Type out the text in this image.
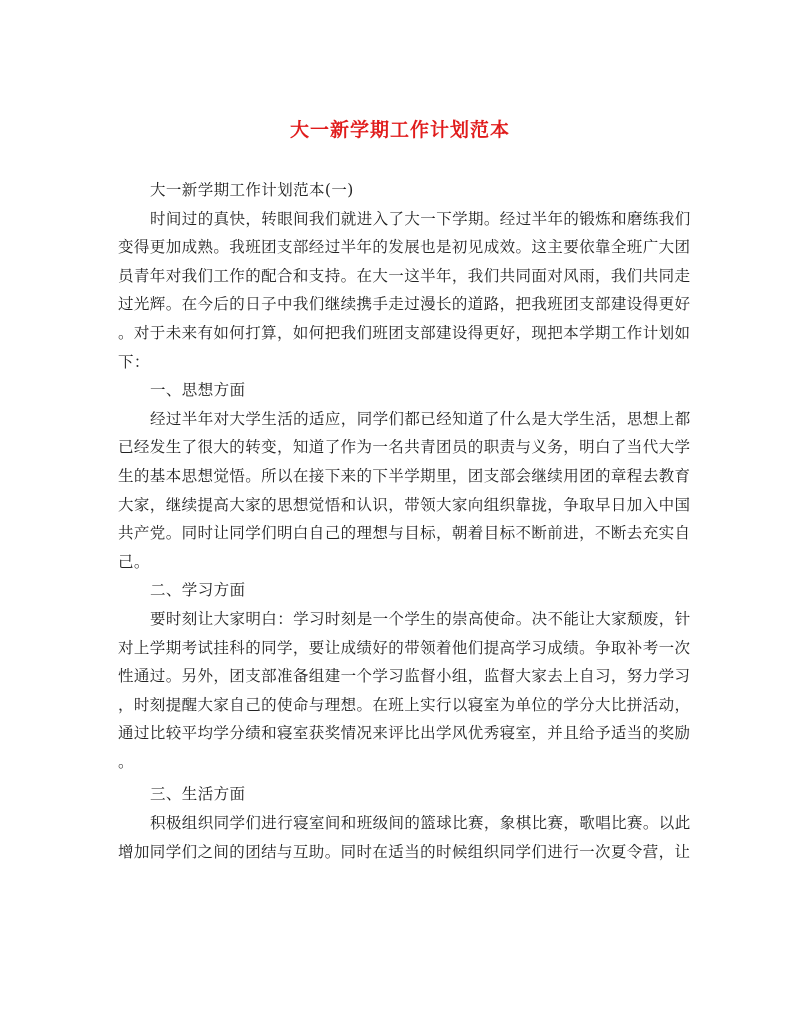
大一新学期工作计划范本
大一新学期工作计划范本(一)
时间过的真快，转眼间我们就进入了大一下学期。经过半年的锻炼和磨练我们
变得更加成熟。我班团支部经过半年的发展也是初见成效。这主要依靠全班广大团
员青年对我们工作的配合和支持。在大一这半年，我们共同面对风雨，我们共同走
过光辉。在今后的日子中我们继续携手走过漫长的道路，把我班团支部建设得更好
。对于未来有如何打算，如何把我们班团支部建设得更好，现把本学期工作计划如
下：
一、思想方面
经过半年对大学生活的适应，同学们都已经知道了什么是大学生活，思想上都
已经发生了很大的转变，知道了作为一名共青团员的职责与义务，明白了当代大学
生的基本思想觉悟。所以在接下来的下半学期里，团支部会继续用团的章程去教育
大家，继续提高大家的思想觉悟和认识，带领大家向组织靠拢，争取早日加入中国
共产党。同时让同学们明白自己的理想与目标，朝着目标不断前进，不断去充实自
己。
二、学习方面
要时刻让大家明白：学习时刻是一个学生的崇高使命。决不能让大家颓废，针
对上学期考试挂科的同学，要让成绩好的带领着他们提高学习成绩。争取补考一次
性通过。另外，团支部准备组建一个学习监督小组，监督大家去上自习，努力学习
，时刻提醒大家自己的使命与理想。在班上实行以寝室为单位的学分大比拼活动，
通过比较平均学分绩和寝室获奖情况来评比出学风优秀寝室，并且给予适当的奖励
。
三、生活方面
积极组织同学们进行寝室间和班级间的篮球比赛，象棋比赛，歌唱比赛。以此
增加同学们之间的团结与互助。同时在适当的时候组织同学们进行一次夏令营，让
